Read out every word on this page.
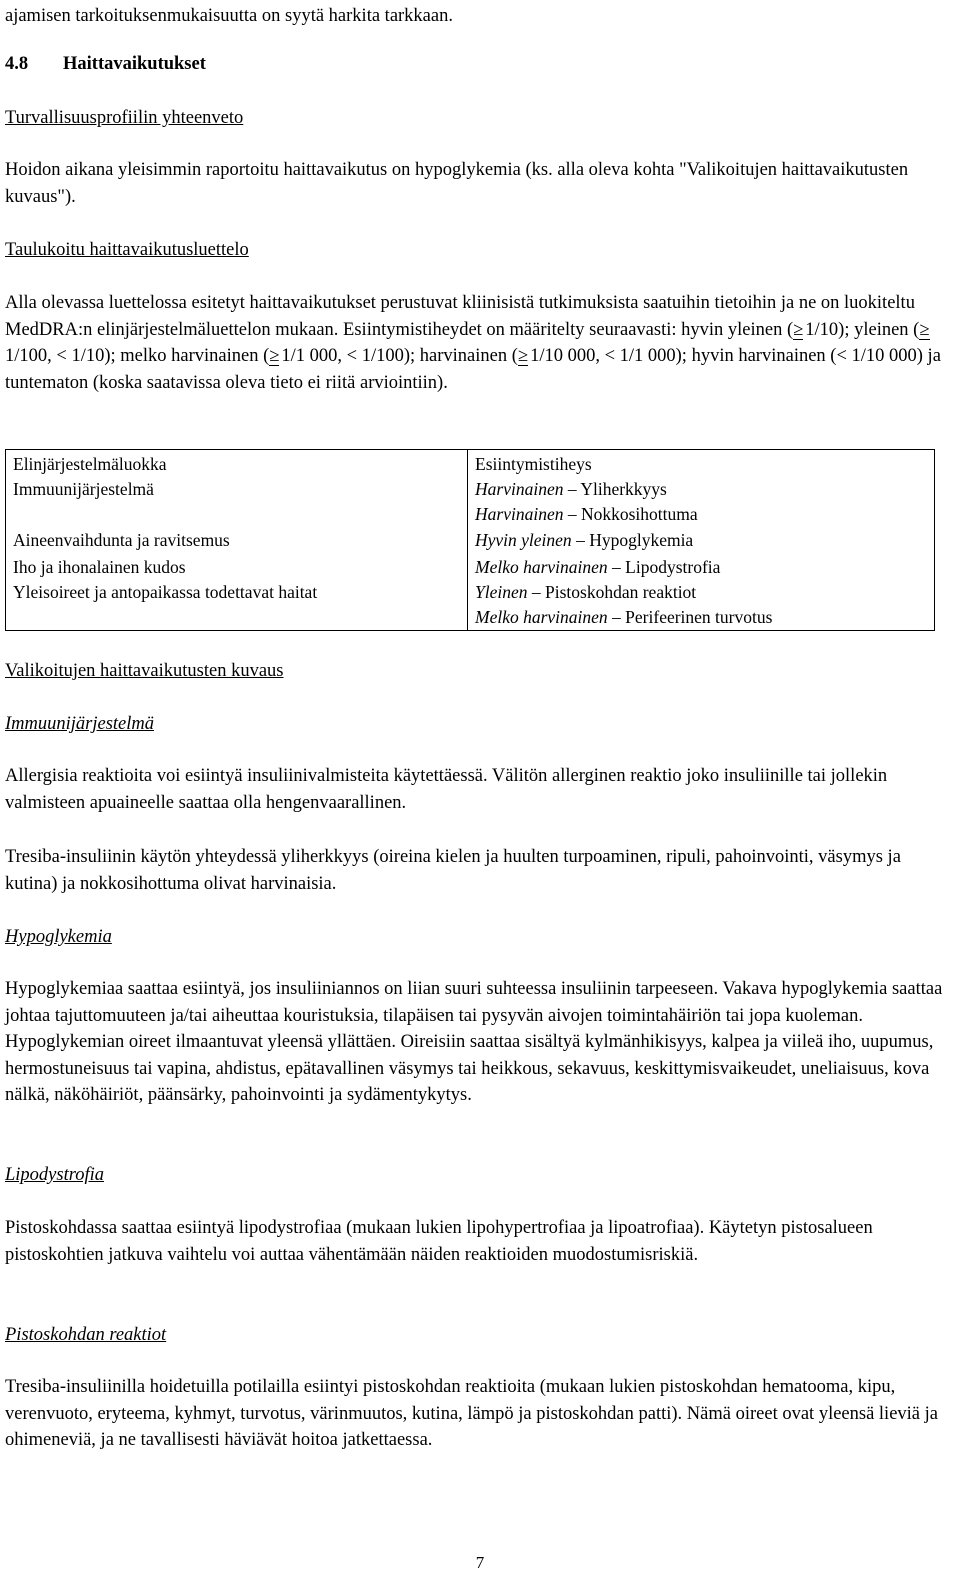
ajamisen tarkoituksenmukaisuutta on syytä harkita tarkkaan.

4.8 Haittavaikutukset

Turvallisuusprofiilin yhteenveto

Hoidon aikana yleisimmin raportoitu haittavaikutus on hypoglykemia (ks. alla oleva kohta "Valikoitujen haittavaikutusten kuvaus").

Taulukoitu haittavaikutusluettelo

Alla olevassa luettelossa esitetyt haittavaikutukset perustuvat kliinisistä tutkimuksista saatuihin tietoihin ja ne on luokiteltu MedDRA:n elinjärjestelmäluettelon mukaan. Esiintymistiheydet on määritelty seuraavasti: hyvin yleinen (≥ 1/10); yleinen (≥1/100, < 1/10); melko harvinainen (≥ 1/1 000, < 1/100); harvinainen (≥ 1/10 000, < 1/1 000); hyvin harvinainen (< 1/10 000) ja tuntematon (koska saatavissa oleva tieto ei riitä arviointiin).

Elinjärjestelmäluokka	Esiintymistiheys
Immuunijärjestelmä	Harvinainen – Yliherkkyys
Harvinainen – Nokkosihottuma
Aineenvaihdunta ja ravitsemus	Hyvin yleinen – Hypoglykemia
Iho ja ihonalainen kudos	Melko harvinainen – Lipodystrofia
Yleisoireet ja antopaikassa todettavat haitat	Yleinen – Pistoskohdan reaktiot
Melko harvinainen – Perifeerinen turvotus

Valikoitujen haittavaikutusten kuvaus

Immuunijärjestelmä

Allergisia reaktioita voi esiintyä insuliinivalmisteita käytettäessä. Välitön allerginen reaktio joko insuliinille tai jollekin valmisteen apuaineelle saattaa olla hengenvaarallinen.

Tresiba-insuliinin käytön yhteydessä yliherkkyys (oireina kielen ja huulten turpoaminen, ripuli, pahoinvointi, väsymys ja kutina) ja nokkosihottuma olivat harvinaisia.

Hypoglykemia

Hypoglykemiaa saattaa esiintyä, jos insuliiniannos on liian suuri suhteessa insuliinin tarpeeseen. Vakava hypoglykemia saattaa johtaa tajuttomuuteen ja/tai aiheuttaa kouristuksia, tilapäisen tai pysyvän aivojen toimintahäiriön tai jopa kuoleman. Hypoglykemian oireet ilmaantuvat yleensä yllättäen. Oireisiin saattaa sisältyä kylmänhikisyys, kalpea ja viileä iho, uupumus, hermostuneisuus tai vapina, ahdistus, epätavallinen väsymys tai heikkous, sekavuus, keskittymisvaikeudet, uneliaisuus, kova nälkä, näköhäiriöt, päänsärky, pahoinvointi ja sydämentykytys.

Lipodystrofia

Pistoskohdassa saattaa esiintyä lipodystrofiaa (mukaan lukien lipohypertrofiaa ja lipoatrofiaa). Käytetyn pistosalueen pistoskohtien jatkuva vaihtelu voi auttaa vähentämään näiden reaktioiden muodostumisriskiä.

Pistoskohdan reaktiot

Tresiba-insuliinilla hoidetuilla potilailla esiintyi pistoskohdan reaktioita (mukaan lukien pistoskohdan hematooma, kipu, verenvuoto, eryteema, kyhmyt, turvotus, värinmuutos, kutina, lämpö ja pistoskohdan patti). Nämä oireet ovat yleensä lieviä ja ohimeneviä, ja ne tavallisesti häviävät hoitoa jatkettaessa.

7
